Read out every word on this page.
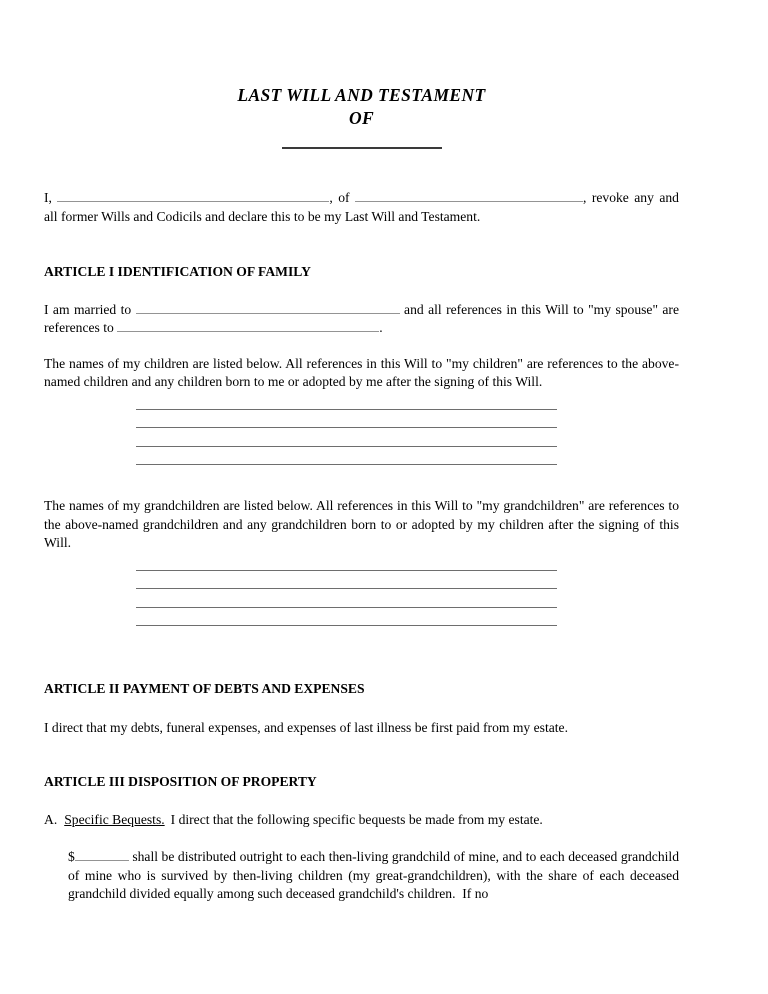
LAST WILL AND TESTAMENT
OF

I,	, of	, revoke any and all former Wills and Codicils and declare this to be my Last Will and Testament.

ARTICLE I IDENTIFICATION OF FAMILY

I am married to	and all references in this Will to "my spouse" are references to	.

The names of my children are listed below. All references in this Will to "my children" are references to the above-named children and any children born to me or adopted by me after the signing of this Will.

The names of my grandchildren are listed below. All references in this Will to "my grandchildren" are references to the above-named grandchildren and any grandchildren born to or adopted by my children after the signing of this Will.

ARTICLE II PAYMENT OF DEBTS AND EXPENSES

I direct that my debts, funeral expenses, and expenses of last illness be first paid from my estate.

ARTICLE III DISPOSITION OF PROPERTY

A. Specific Bequests. I direct that the following specific bequests be made from my estate.

$	shall be distributed outright to each then-living grandchild of mine, and to each deceased grandchild of mine who is survived by then-living children (my great-grandchildren), with the share of each deceased grandchild divided equally among such deceased grandchild's children.  If no
